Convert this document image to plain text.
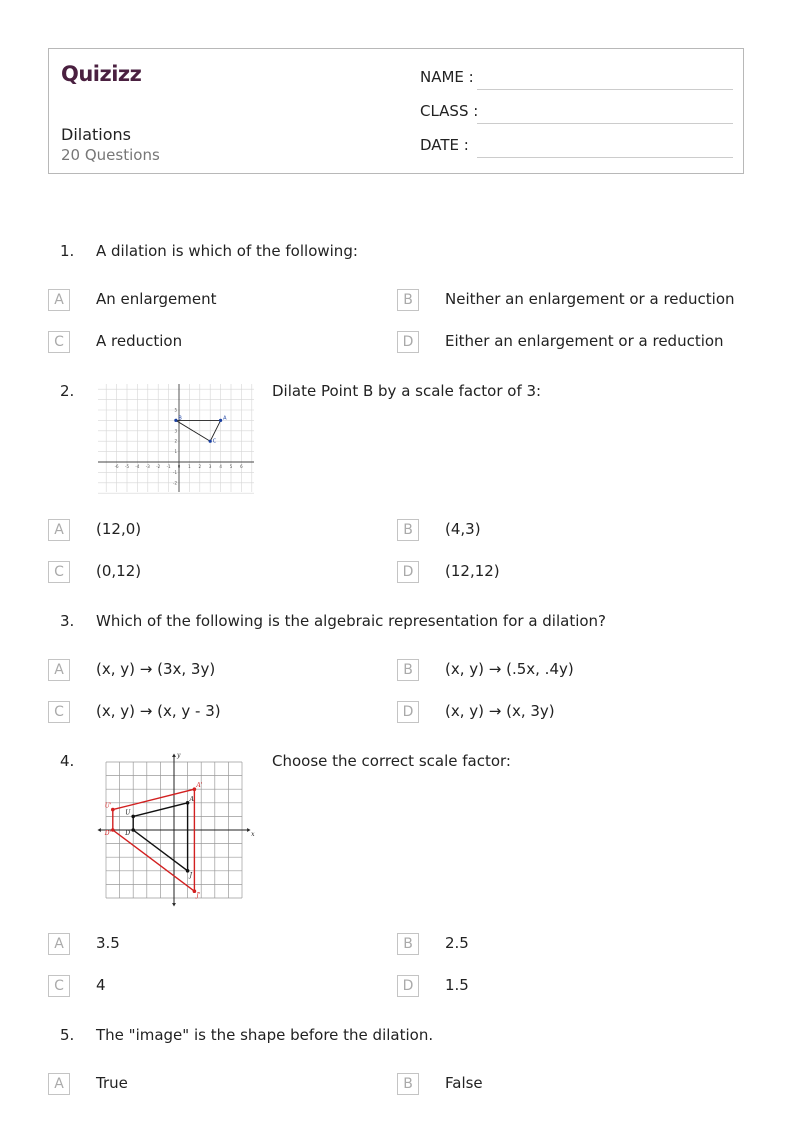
Quizizz
Dilations
20 Questions
NAME :
CLASS :
DATE :
1. A dilation is which of the following:
A	An enlargement	B	Neither an enlargement or a reduction
C	A reduction	D	Either an enlargement or a reduction
2.
-6 -5 -4 -3 -2 -1 0 1 2 3 4 5 6
-2
-1
1
2
3
5
B	A
C
Dilate Point B by a scale factor of 3:
A	(12,0)	B	(4,3)
C	(0,12)	D	(12,12)
3. Which of the following is the algebraic representation for a dilation?
A	(x, y) → (3x, 3y)	B	(x, y) → (.5x, .4y)
C	(x, y) → (x, y - 3)	D	(x, y) → (x, 3y)
4.
x
y
U'
A'
J'
D'
U
A
J
D
Choose the correct scale factor:
A	3.5	B	2.5
C	4	D	1.5
5. The "image" is the shape before the dilation.
A	True	B	False
